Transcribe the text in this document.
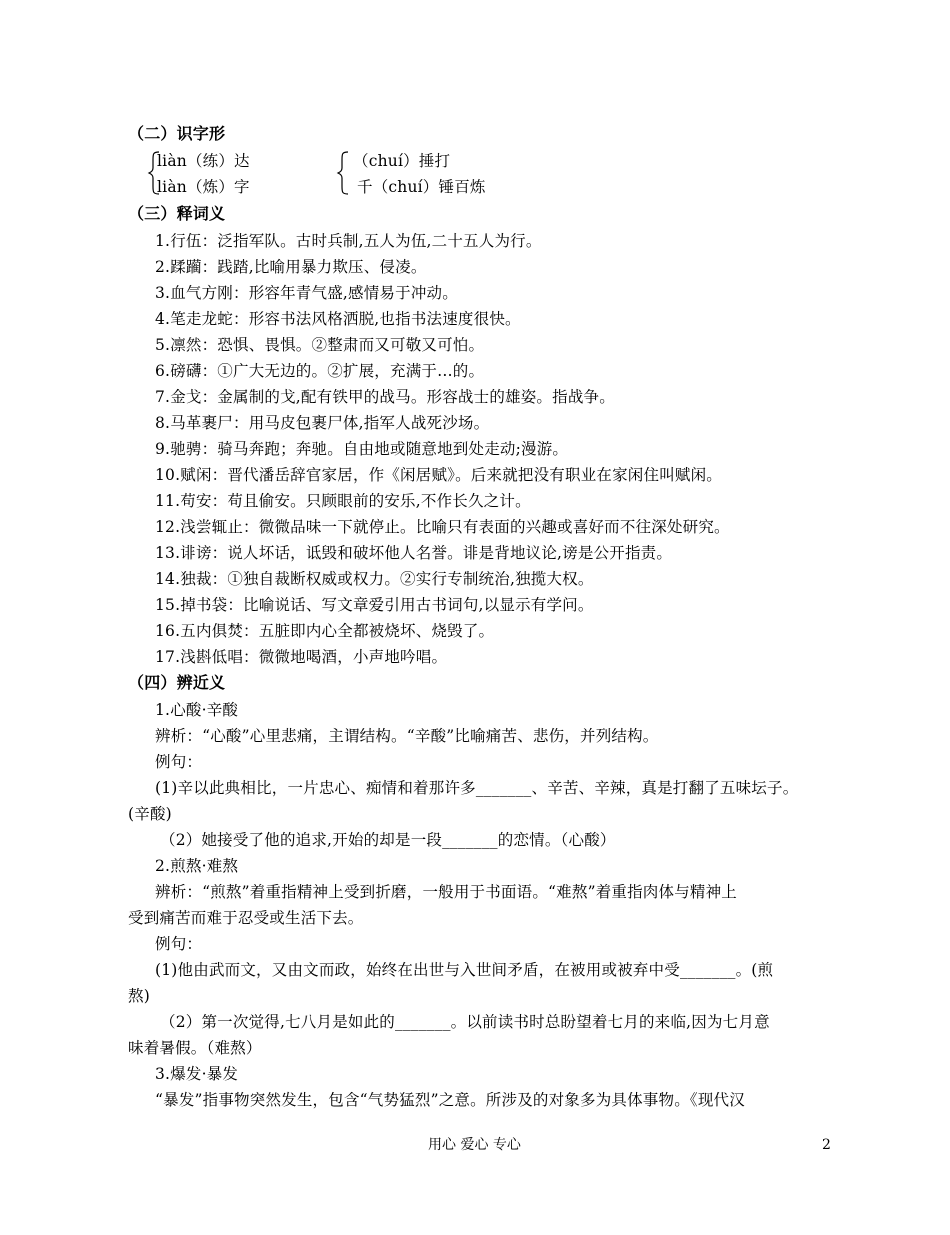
（二）识字形
liàn（练）达
liàn（炼）字
（chuí）捶打
千（chuí）锤百炼
（三）释词义
1.行伍：泛指军队。古时兵制,五人为伍,二十五人为行。
2.蹂躏：践踏,比喻用暴力欺压、侵凌。
3.血气方刚：形容年青气盛,感情易于冲动。
4.笔走龙蛇：形容书法风格洒脱,也指书法速度很快。
5.凛然：恐惧、畏惧。②整肃而又可敬又可怕。
6.磅礴：①广大无边的。②扩展，充满于…的。
7.金戈：金属制的戈,配有铁甲的战马。形容战士的雄姿。指战争。
8.马革裹尸：用马皮包裹尸体,指军人战死沙场。
9.驰骋：骑马奔跑；奔驰。自由地或随意地到处走动;漫游。
10.赋闲：晋代潘岳辞官家居，作《闲居赋》。后来就把没有职业在家闲住叫赋闲。
11.苟安：苟且偷安。只顾眼前的安乐,不作长久之计。
12.浅尝辄止：微微品味一下就停止。比喻只有表面的兴趣或喜好而不往深处研究。
13.诽谤：说人坏话，诋毁和破坏他人名誉。诽是背地议论,谤是公开指责。
14.独裁：①独自裁断权威或权力。②实行专制统治,独揽大权。
15.掉书袋：比喻说话、写文章爱引用古书词句,以显示有学问。
16.五内俱焚：五脏即内心全都被烧坏、烧毁了。
17.浅斟低唱：微微地喝酒，小声地吟唱。
（四）辨近义
1.心酸·辛酸
辨析：“心酸”心里悲痛，主谓结构。“辛酸”比喻痛苦、悲伤，并列结构。
例句：
(1)辛以此典相比，一片忠心、痴情和着那许多_______、辛苦、辛辣，真是打翻了五味坛子。
(辛酸)
（2）她接受了他的追求,开始的却是一段_______的恋情。（心酸）
2.煎熬·难熬
辨析：“煎熬”着重指精神上受到折磨，一般用于书面语。“难熬”着重指肉体与精神上
受到痛苦而难于忍受或生活下去。
例句：
(1)他由武而文，又由文而政，始终在出世与入世间矛盾，在被用或被弃中受_______。(煎
熬)
（2）第一次觉得,七八月是如此的_______。以前读书时总盼望着七月的来临,因为七月意
味着暑假。（难熬）
3.爆发·暴发
“暴发”指事物突然发生，包含“气势猛烈”之意。所涉及的对象多为具体事物。《现代汉
用心 爱心 专心	2
